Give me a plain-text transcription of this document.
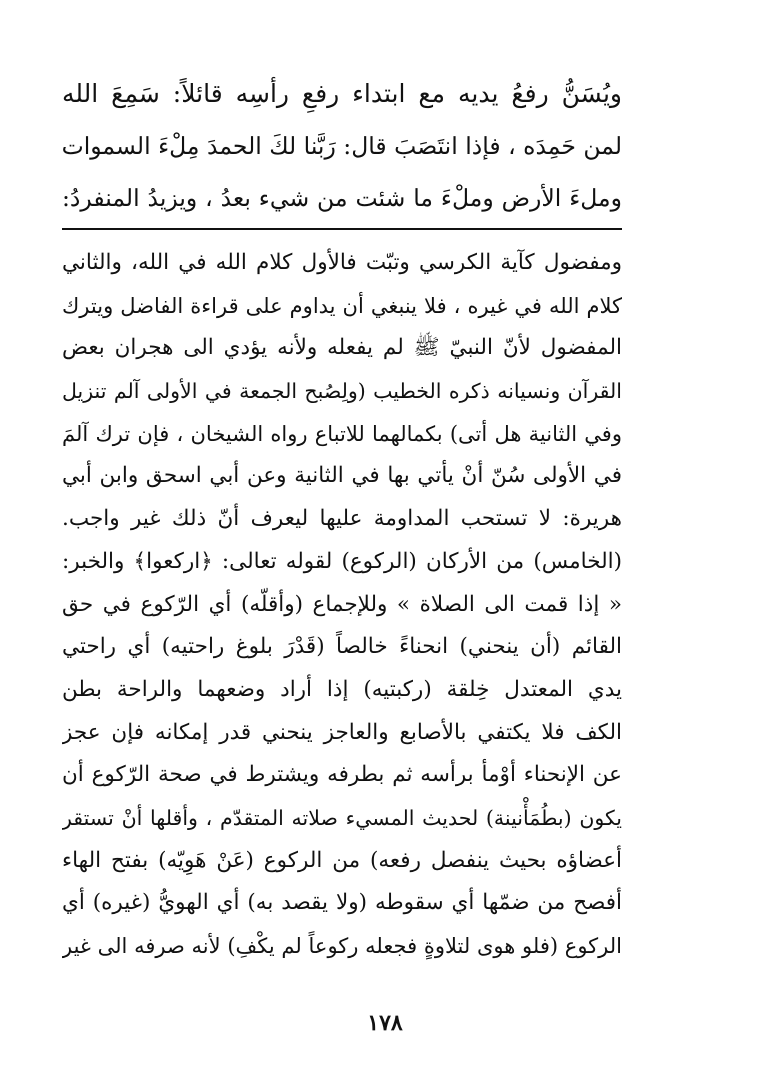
ويُسَنُّ رفعُ يديه مع ابتداء رفعِ رأسِه قائلاً: سَمِعَ الله
لمن حَمِدَه ، فإذا انتَصَبَ قال: رَبَّنا لكَ الحمدَ مِلْءَ السموات
وملءَ الأرض وملْءَ ما شئت من شيء بعدُ ، ويزيدُ المنفردُ:
ومفضول كآية الكرسي وتبّت فالأول كلام الله في الله، والثاني
كلام الله في غيره ، فلا ينبغي أن يداوم على قراءة الفاضل ويترك
المفضول لأنّ النبيّ ﷺ لم يفعله ولأنه يؤدي الى هجران بعض
القرآن ونسيانه ذكره الخطيب (ولِصُبح الجمعة في الأولى آلم تنزيل
وفي الثانية هل أتى) بكمالهما للاتباع رواه الشيخان ، فإن ترك آلمَ
في الأولى سُنّ أنْ يأتي بها في الثانية وعن أبي اسحق وابن أبي
هريرة: لا تستحب المداومة عليها ليعرف أنّ ذلك غير واجب.
(الخامس) من الأركان (الركوع) لقوله تعالى: ﴿اركعوا﴾ والخبر:
« إذا قمت الى الصلاة » وللإجماع (وأقلّه) أي الرّكوع في حق
القائم (أن ينحني) انحناءً خالصاً (قَدْرَ بلوغ راحتيه) أي راحتي
يدي المعتدل خِلقة (ركبتيه) إذا أراد وضعهما والراحة بطن
الكف فلا يكتفي بالأصابع والعاجز ينحني قدر إمكانه فإن عجز
عن الإنحناء أوْمأ برأسه ثم بطرفه ويشترط في صحة الرّكوع أن
يكون (بطُمَأْنينة) لحديث المسيء صلاته المتقدّم ، وأقلها أنْ تستقر
أعضاؤه بحيث ينفصل رفعه) من الركوع (عَنْ هَوِيّه) بفتح الهاء
أفصح من ضمّها أي سقوطه (ولا يقصد به) أي الهويُّ (غيره) أي
الركوع (فلو هوى لتلاوةٍ فجعله ركوعاً لم يكْفِ) لأنه صرفه الى غير
١٧٨
